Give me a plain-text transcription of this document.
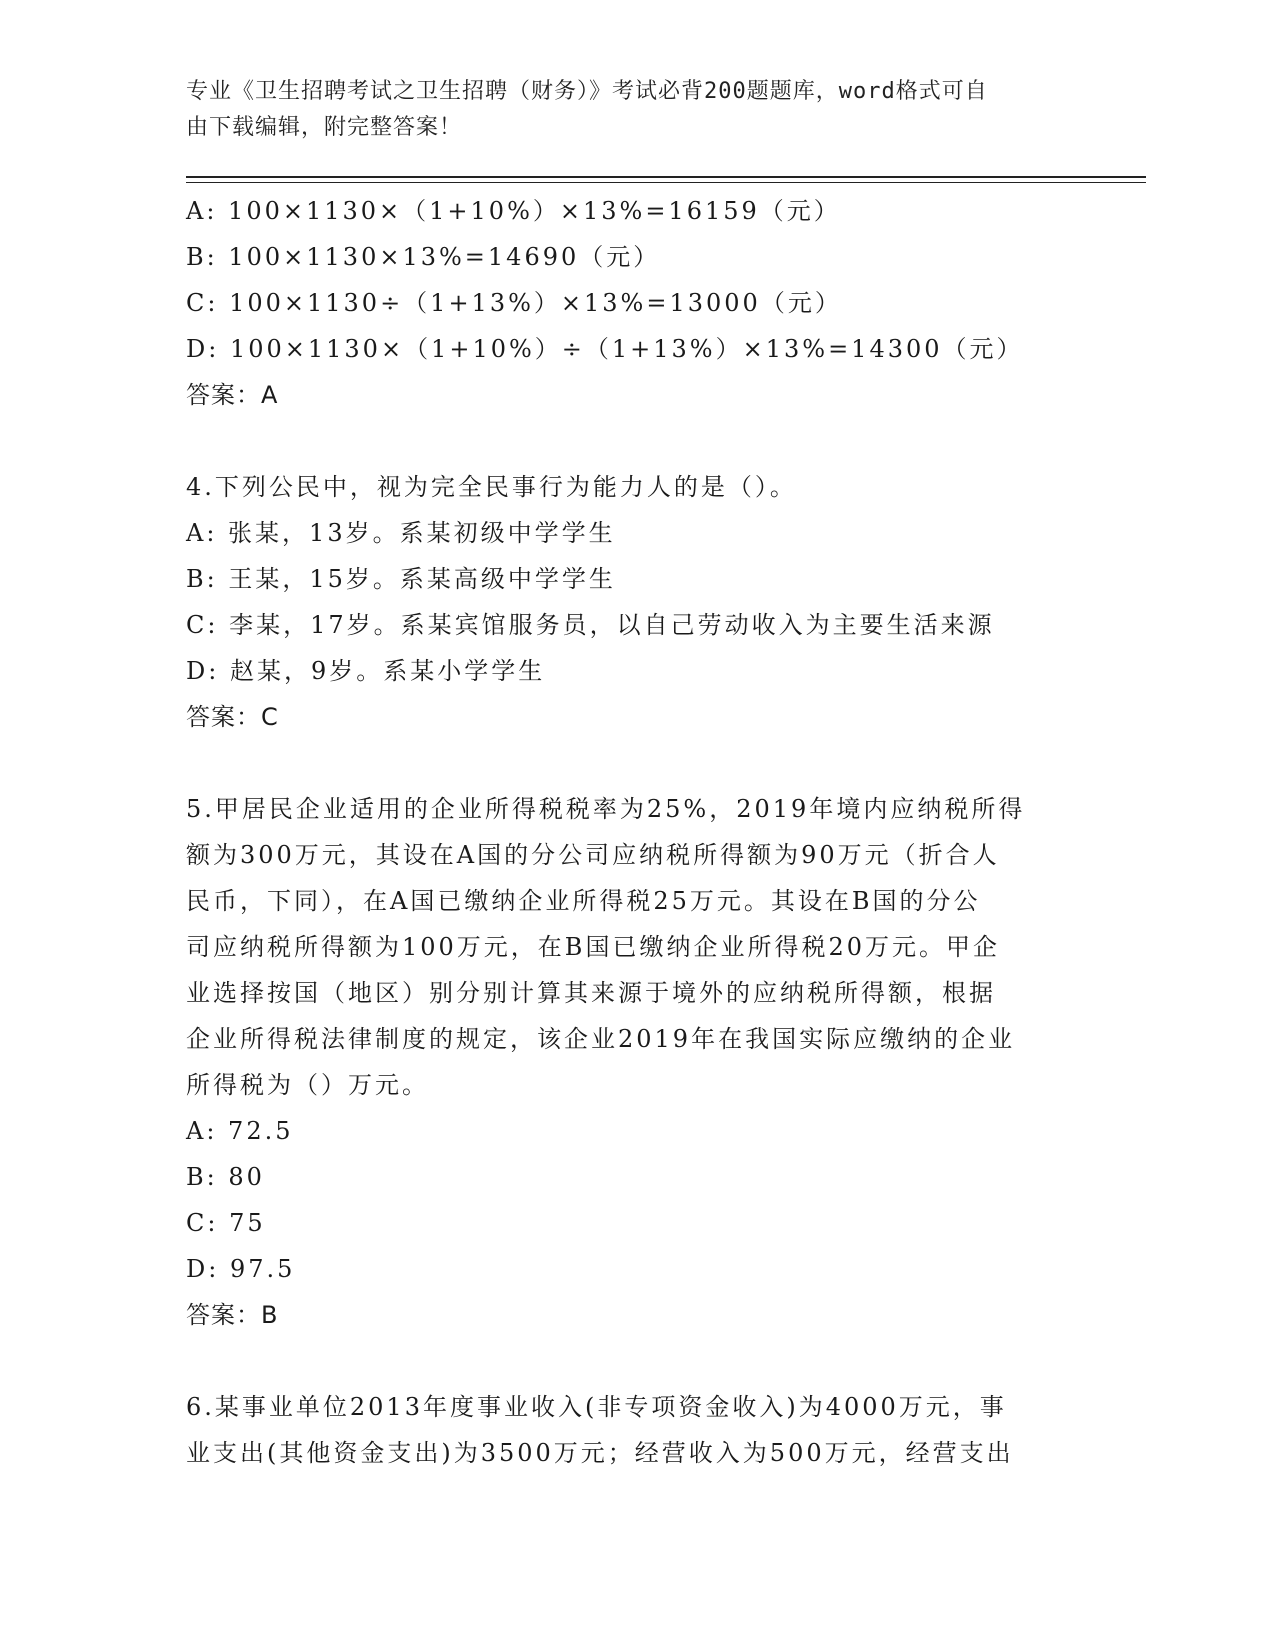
专业《卫生招聘考试之卫生招聘（财务）》考试必背200题题库，word格式可自
由下载编辑，附完整答案！
A: 100×1130×（1+10%）×13%=16159（元）
B: 100×1130×13%=14690（元）
C: 100×1130÷（1+13%）×13%=13000（元）
D: 100×1130×（1+10%）÷（1+13%）×13%=14300（元）
答案：A
4.下列公民中，视为完全民事行为能力人的是（）。
A: 张某，13岁。系某初级中学学生
B: 王某，15岁。系某高级中学学生
C: 李某，17岁。系某宾馆服务员，以自己劳动收入为主要生活来源
D: 赵某，9岁。系某小学学生
答案：C
5.甲居民企业适用的企业所得税税率为25%，2019年境内应纳税所得
额为300万元，其设在A国的分公司应纳税所得额为90万元（折合人
民币，下同），在A国已缴纳企业所得税25万元。其设在B国的分公
司应纳税所得额为100万元，在B国已缴纳企业所得税20万元。甲企
业选择按国（地区）别分别计算其来源于境外的应纳税所得额，根据
企业所得税法律制度的规定，该企业2019年在我国实际应缴纳的企业
所得税为（）万元。
A: 72.5
B: 80
C: 75
D: 97.5
答案：B
6.某事业单位2013年度事业收入(非专项资金收入)为4000万元，事
业支出(其他资金支出)为3500万元；经营收入为500万元，经营支出
